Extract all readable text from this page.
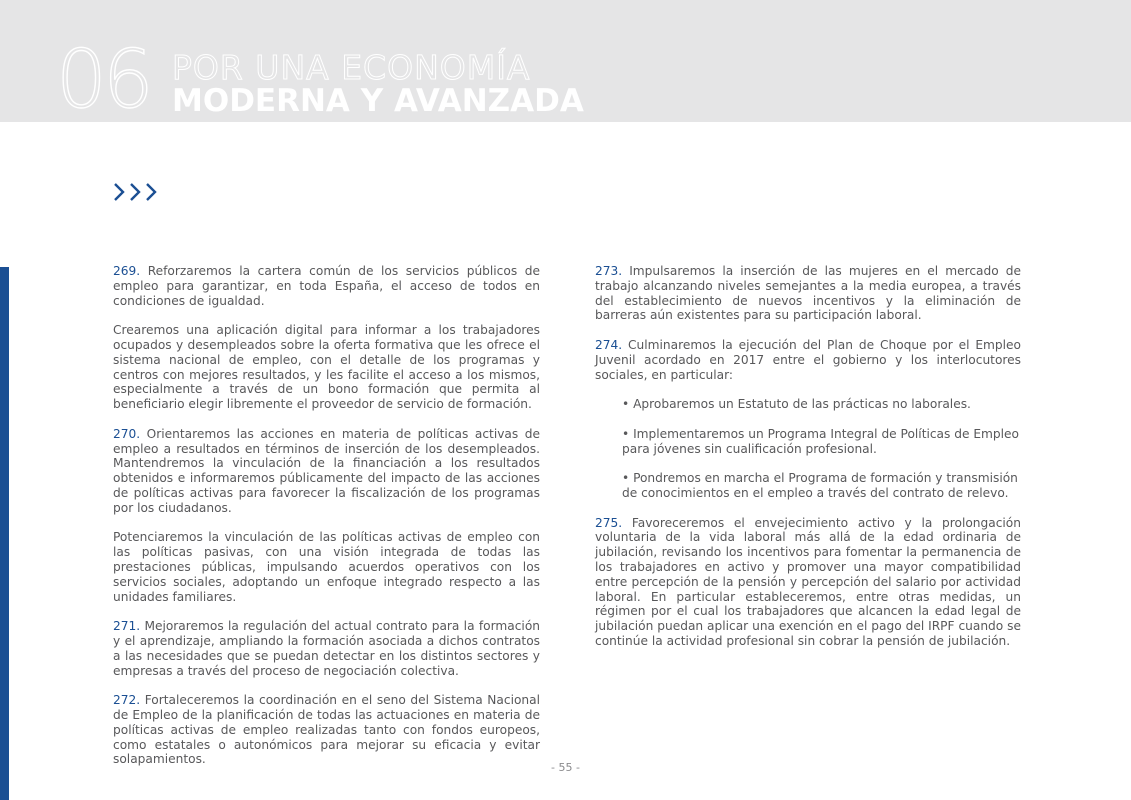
06 POR UNA ECONOMÍA
MODERNA Y AVANZADA

269. Reforzaremos la cartera común de los servicios públicos de empleo para garantizar, en toda España, el acceso de todos en condiciones de igualdad.

Crearemos una aplicación digital para informar a los trabajadores ocupados y desempleados sobre la oferta formativa que les ofrece el sistema nacional de empleo, con el detalle de los programas y centros con mejores resultados, y les facilite el acceso a los mismos, especialmente a través de un bono formación que permita al beneficiario elegir libremente el proveedor de servicio de formación.

270. Orientaremos las acciones en materia de políticas activas de empleo a resultados en términos de inserción de los desempleados. Mantendremos la vinculación de la financiación a los resultados obtenidos e informaremos públicamente del impacto de las acciones de políticas activas para favorecer la fiscalización de los programas por los ciudadanos.

Potenciaremos la vinculación de las políticas activas de empleo con las políticas pasivas, con una visión integrada de todas las prestaciones públicas, impulsando acuerdos operativos con los servicios sociales, adoptando un enfoque integrado respecto a las unidades familiares.

271. Mejoraremos la regulación del actual contrato para la formación y el aprendizaje, ampliando la formación asociada a dichos contratos a las necesidades que se puedan detectar en los distintos sectores y empresas a través del proceso de negociación colectiva.

272. Fortaleceremos la coordinación en el seno del Sistema Nacional de Empleo de la planificación de todas las actuaciones en materia de políticas activas de empleo realizadas tanto con fondos europeos, como estatales o autonómicos para mejorar su eficacia y evitar solapamientos.

273. Impulsaremos la inserción de las mujeres en el mercado de trabajo alcanzando niveles semejantes a la media europea, a través del establecimiento de nuevos incentivos y la eliminación de barreras aún existentes para su participación laboral.

274. Culminaremos la ejecución del Plan de Choque por el Empleo Juvenil acordado en 2017 entre el gobierno y los interlocutores sociales, en particular:

• Aprobaremos un Estatuto de las prácticas no laborales.

• Implementaremos un Programa Integral de Políticas de Empleo para jóvenes sin cualificación profesional.

• Pondremos en marcha el Programa de formación y transmisión de conocimientos en el empleo a través del contrato de relevo.

275. Favoreceremos el envejecimiento activo y la prolongación voluntaria de la vida laboral más allá de la edad ordinaria de jubilación, revisando los incentivos para fomentar la permanencia de los trabajadores en activo y promover una mayor compatibilidad entre percepción de la pensión y percepción del salario por actividad laboral. En particular estableceremos, entre otras medidas, un régimen por el cual los trabajadores que alcancen la edad legal de jubilación puedan aplicar una exención en el pago del IRPF cuando se continúe la actividad profesional sin cobrar la pensión de jubilación.

- 55 -
